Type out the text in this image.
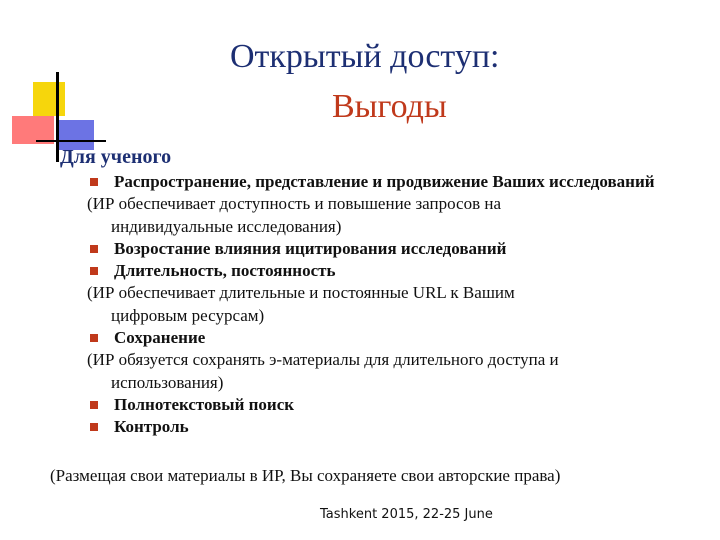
Открытый доступ:
Выгоды
Для ученого
Распространение, представление и продвижение Ваших исследований
(ИР обеспечивает доступность и повышение запросов на
индивидуальные исследования)
Возростание влияния ицитирования исследований
Длительность, постоянность
(ИР обеспечивает длительные и постоянные URL к Вашим
цифровым ресурсам)
Сохранение
(ИР обязуется сохранять э-материалы для длительного доступа и
использования)
Полнотекстовый поиск
Контроль
(Размещая свои материалы в ИР, Вы сохраняете свои авторские права)
Tashkent 2015, 22-25 June
